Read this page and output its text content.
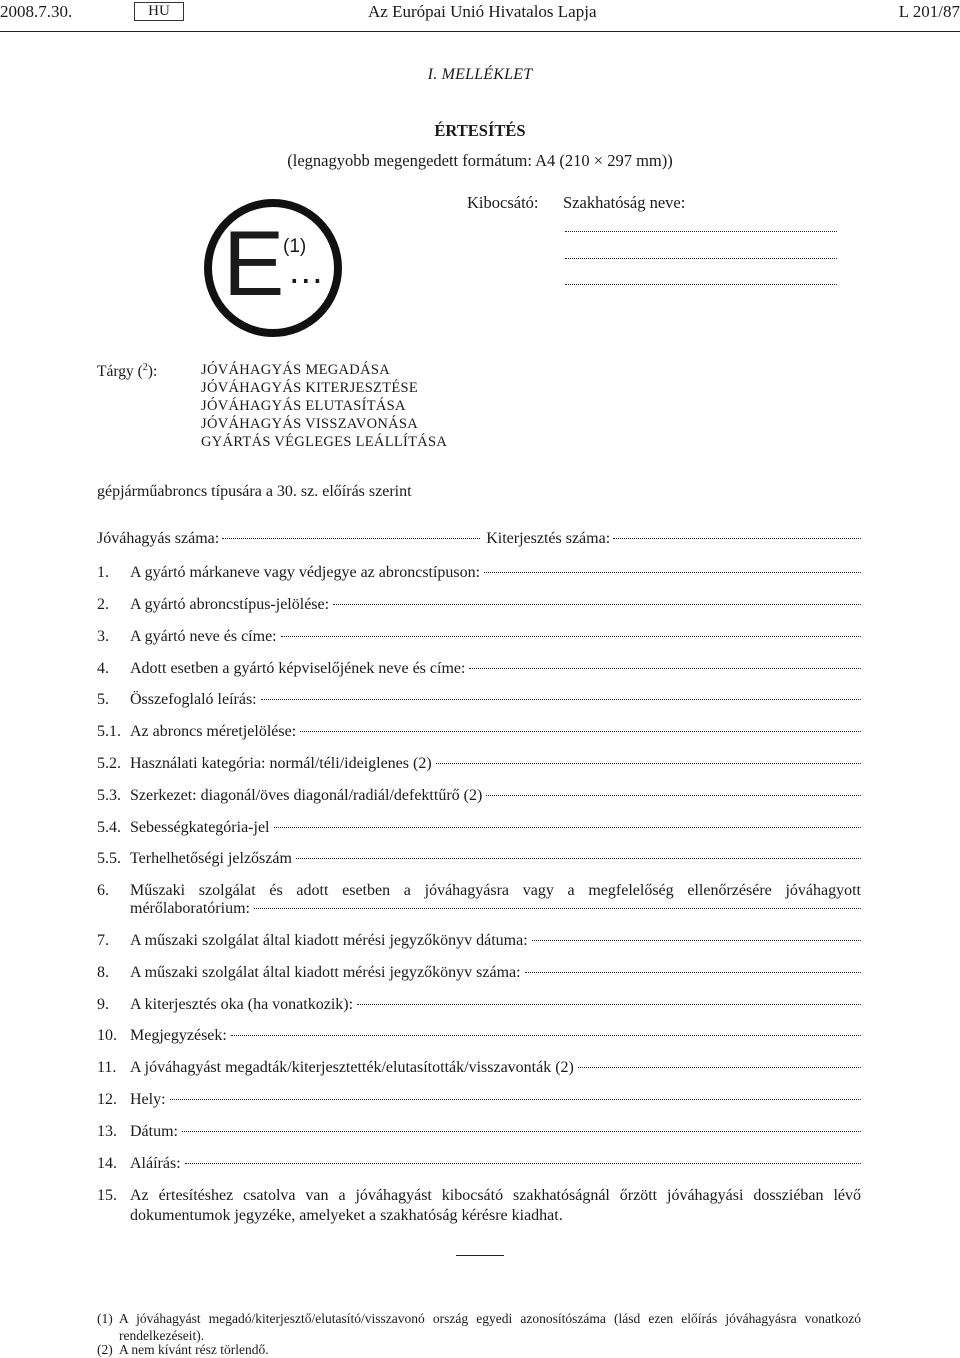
2008.7.30.	HU	Az Európai Unió Hivatalos Lapja	L 201/87
I. MELLÉKLET
ÉRTESÍTÉS
(legnagyobb megengedett formátum: A4 (210 × 297 mm))
Kibocsátó: Szakhatóság neve:
E
(1)
...
Tárgy ($^2$):	JÓVÁHAGYÁS MEGADÁSA
JÓVÁHAGYÁS KITERJESZTÉSE
JÓVÁHAGYÁS ELUTASÍTÁSA
JÓVÁHAGYÁS VISSZAVONÁSA
GYÁRTÁS VÉGLEGES LEÁLLÍTÁSA
gépjárműabroncs típusára a 30. sz. előírás szerint
Jóváhagyás száma:	Kiterjesztés száma:
1. A gyártó márkaneve vagy védjegye az abroncstípuson:
2. A gyártó abroncstípus-jelölése:
3. A gyártó neve és címe:
4. Adott esetben a gyártó képviselőjének neve és címe:
5. Összefoglaló leírás:
5.1. Az abroncs méretjelölése:
5.2. Használati kategória: normál/téli/ideiglenes (2)
5.3. Szerkezet: diagonál/öves diagonál/radiál/defekttűrő (2)
5.4. Sebességkategória-jel
5.5. Terhelhetőségi jelzőszám
6. Műszaki szolgálat és adott esetben a jóváhagyásra vagy a megfelelőség ellenőrzésére jóváhagyott
mérőlaboratórium:
7. A műszaki szolgálat által kiadott mérési jegyzőkönyv dátuma:
8. A műszaki szolgálat által kiadott mérési jegyzőkönyv száma:
9. A kiterjesztés oka (ha vonatkozik):
10. Megjegyzések:
11. A jóváhagyást megadták/kiterjesztették/elutasították/visszavonták (2)
12. Hely:
13. Dátum:
14. Aláírás:
15. Az értesítéshez csatolva van a jóváhagyást kibocsátó szakhatóságnál őrzött jóváhagyási dossziéban lévő dokumentumok jegyzéke, amelyeket a szakhatóság kérésre kiadhat.
(1) A jóváhagyást megadó/kiterjesztő/elutasító/visszavonó ország egyedi azonosítószáma (lásd ezen előírás jóváhagyásra vonatkozó rendelkezéseit).
(2) A nem kívánt rész törlendő.
